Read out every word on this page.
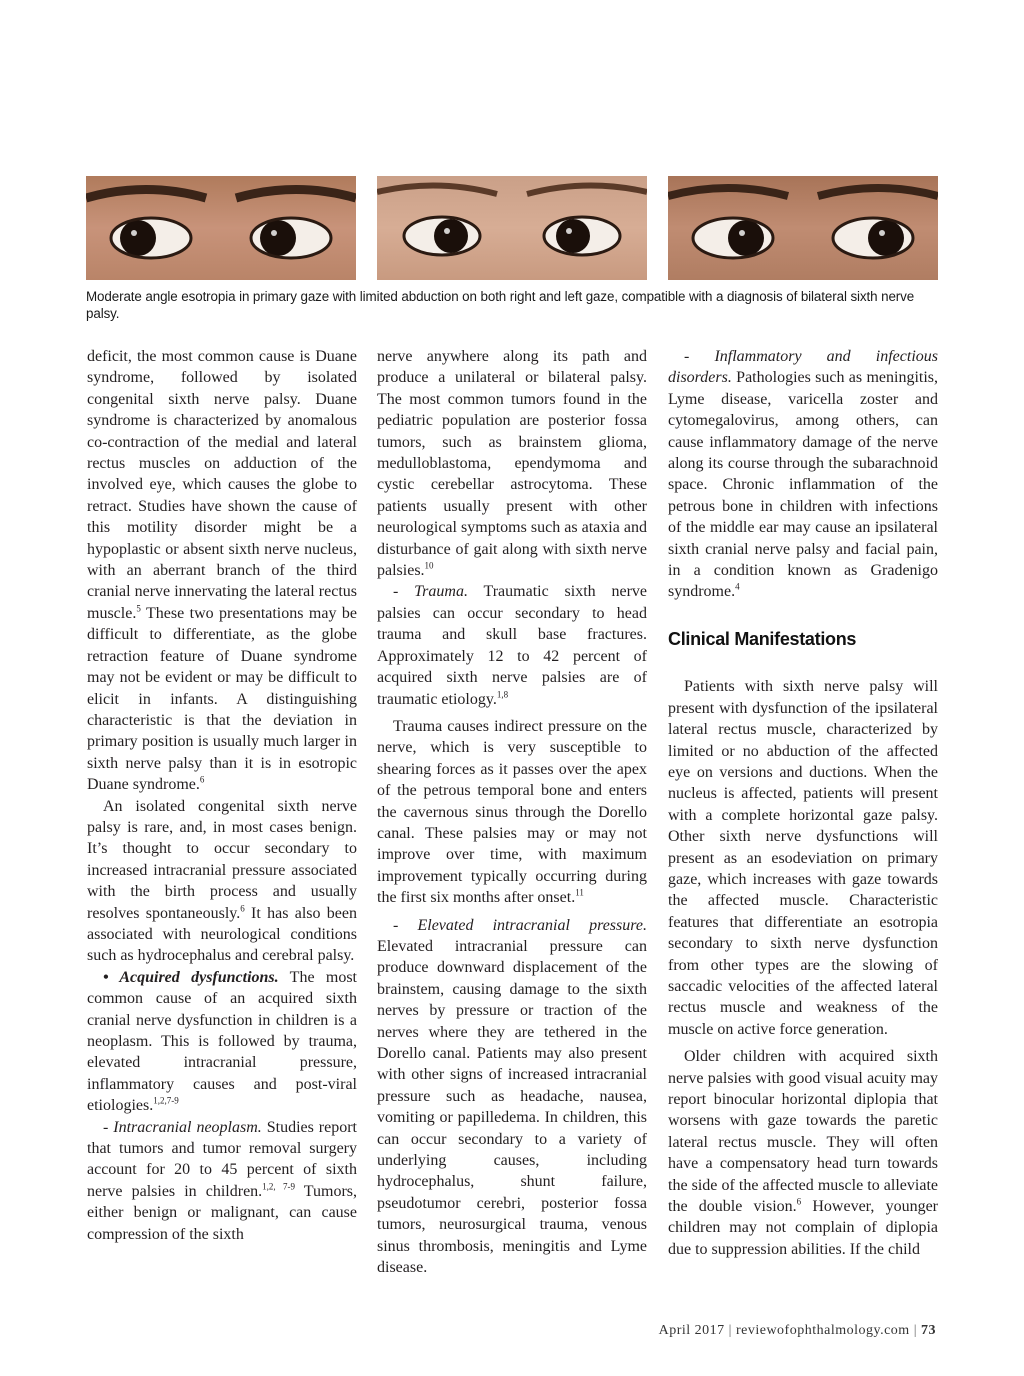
Moderate angle esotropia in primary gaze with limited abduction on both right and left gaze, compatible with a diagnosis of bilateral sixth nerve palsy.

deficit, the most common cause is Duane syndrome, followed by isolated congenital sixth nerve palsy. Duane syndrome is characterized by anomalous co-contraction of the medial and lateral rectus muscles on adduction of the involved eye, which causes the globe to retract. Studies have shown the cause of this motility disorder might be a hypoplastic or absent sixth nerve nucleus, with an aberrant branch of the third cranial nerve innervating the lateral rectus muscle.$^5$ These two presentations may be difficult to differentiate, as the globe retraction feature of Duane syndrome may not be evident or may be difficult to elicit in infants. A distinguishing characteristic is that the deviation in primary position is usually much larger in sixth nerve palsy than it is in esotropic Duane syndrome.$^6$

An isolated congenital sixth nerve palsy is rare, and, in most cases benign. It’s thought to occur secondary to increased intracranial pressure associated with the birth process and usually resolves spontaneously.$^6$ It has also been associated with neurological conditions such as hydrocephalus and cerebral palsy.

• Acquired dysfunctions. The most common cause of an acquired sixth cranial nerve dysfunction in children is a neoplasm. This is followed by trauma, elevated intracranial pressure, inflammatory causes and post-viral etiologies.$^{1,2,7-9}$

- Intracranial neoplasm. Studies report that tumors and tumor removal surgery account for 20 to 45 percent of sixth nerve palsies in children.$^{1,2, 7-9}$ Tumors, either benign or malignant, can cause compression of the sixth

nerve anywhere along its path and produce a unilateral or bilateral palsy. The most common tumors found in the pediatric population are posterior fossa tumors, such as brainstem glioma, medulloblastoma, ependymoma and cystic cerebellar astrocytoma. These patients usually present with other neurological symptoms such as ataxia and disturbance of gait along with sixth nerve palsies.$^{10}$

- Trauma. Traumatic sixth nerve palsies can occur secondary to head trauma and skull base fractures. Approximately 12 to 42 percent of acquired sixth nerve palsies are of traumatic etiology.$^{1,8}$

Trauma causes indirect pressure on the nerve, which is very susceptible to shearing forces as it passes over the apex of the petrous temporal bone and enters the cavernous sinus through the Dorello canal. These palsies may or may not improve over time, with maximum improvement typically occurring during the first six months after onset.$^{11}$

- Elevated intracranial pressure. Elevated intracranial pressure can produce downward displacement of the brainstem, causing damage to the sixth nerves by pressure or traction of the nerves where they are tethered in the Dorello canal. Patients may also present with other signs of increased intracranial pressure such as headache, nausea, vomiting or papilledema. In children, this can occur secondary to a variety of underlying causes, including hydrocephalus, shunt failure, pseudotumor cerebri, posterior fossa tumors, neurosurgical trauma, venous sinus thrombosis, meningitis and Lyme disease.

- Inflammatory and infectious disorders. Pathologies such as meningitis, Lyme disease, varicella zoster and cytomegalovirus, among others, can cause inflammatory damage of the nerve along its course through the subarachnoid space. Chronic inflammation of the petrous bone in children with infections of the middle ear may cause an ipsilateral sixth cranial nerve palsy and facial pain, in a condition known as Gradenigo syndrome.$^4$

Clinical Manifestations

Patients with sixth nerve palsy will present with dysfunction of the ipsilateral lateral rectus muscle, characterized by limited or no abduction of the affected eye on versions and ductions. When the nucleus is affected, patients will present with a complete horizontal gaze palsy. Other sixth nerve dysfunctions will present as an esodeviation on primary gaze, which increases with gaze towards the affected muscle. Characteristic features that differentiate an esotropia secondary to sixth nerve dysfunction from other types are the slowing of saccadic velocities of the affected lateral rectus muscle and weakness of the muscle on active force generation.

Older children with acquired sixth nerve palsies with good visual acuity may report binocular horizontal diplopia that worsens with gaze towards the paretic lateral rectus muscle. They will often have a compensatory head turn towards the side of the affected muscle to alleviate the double vision.$^6$ However, younger children may not complain of diplopia due to suppression abilities. If the child

April 2017 | reviewofophthalmology.com | 73
